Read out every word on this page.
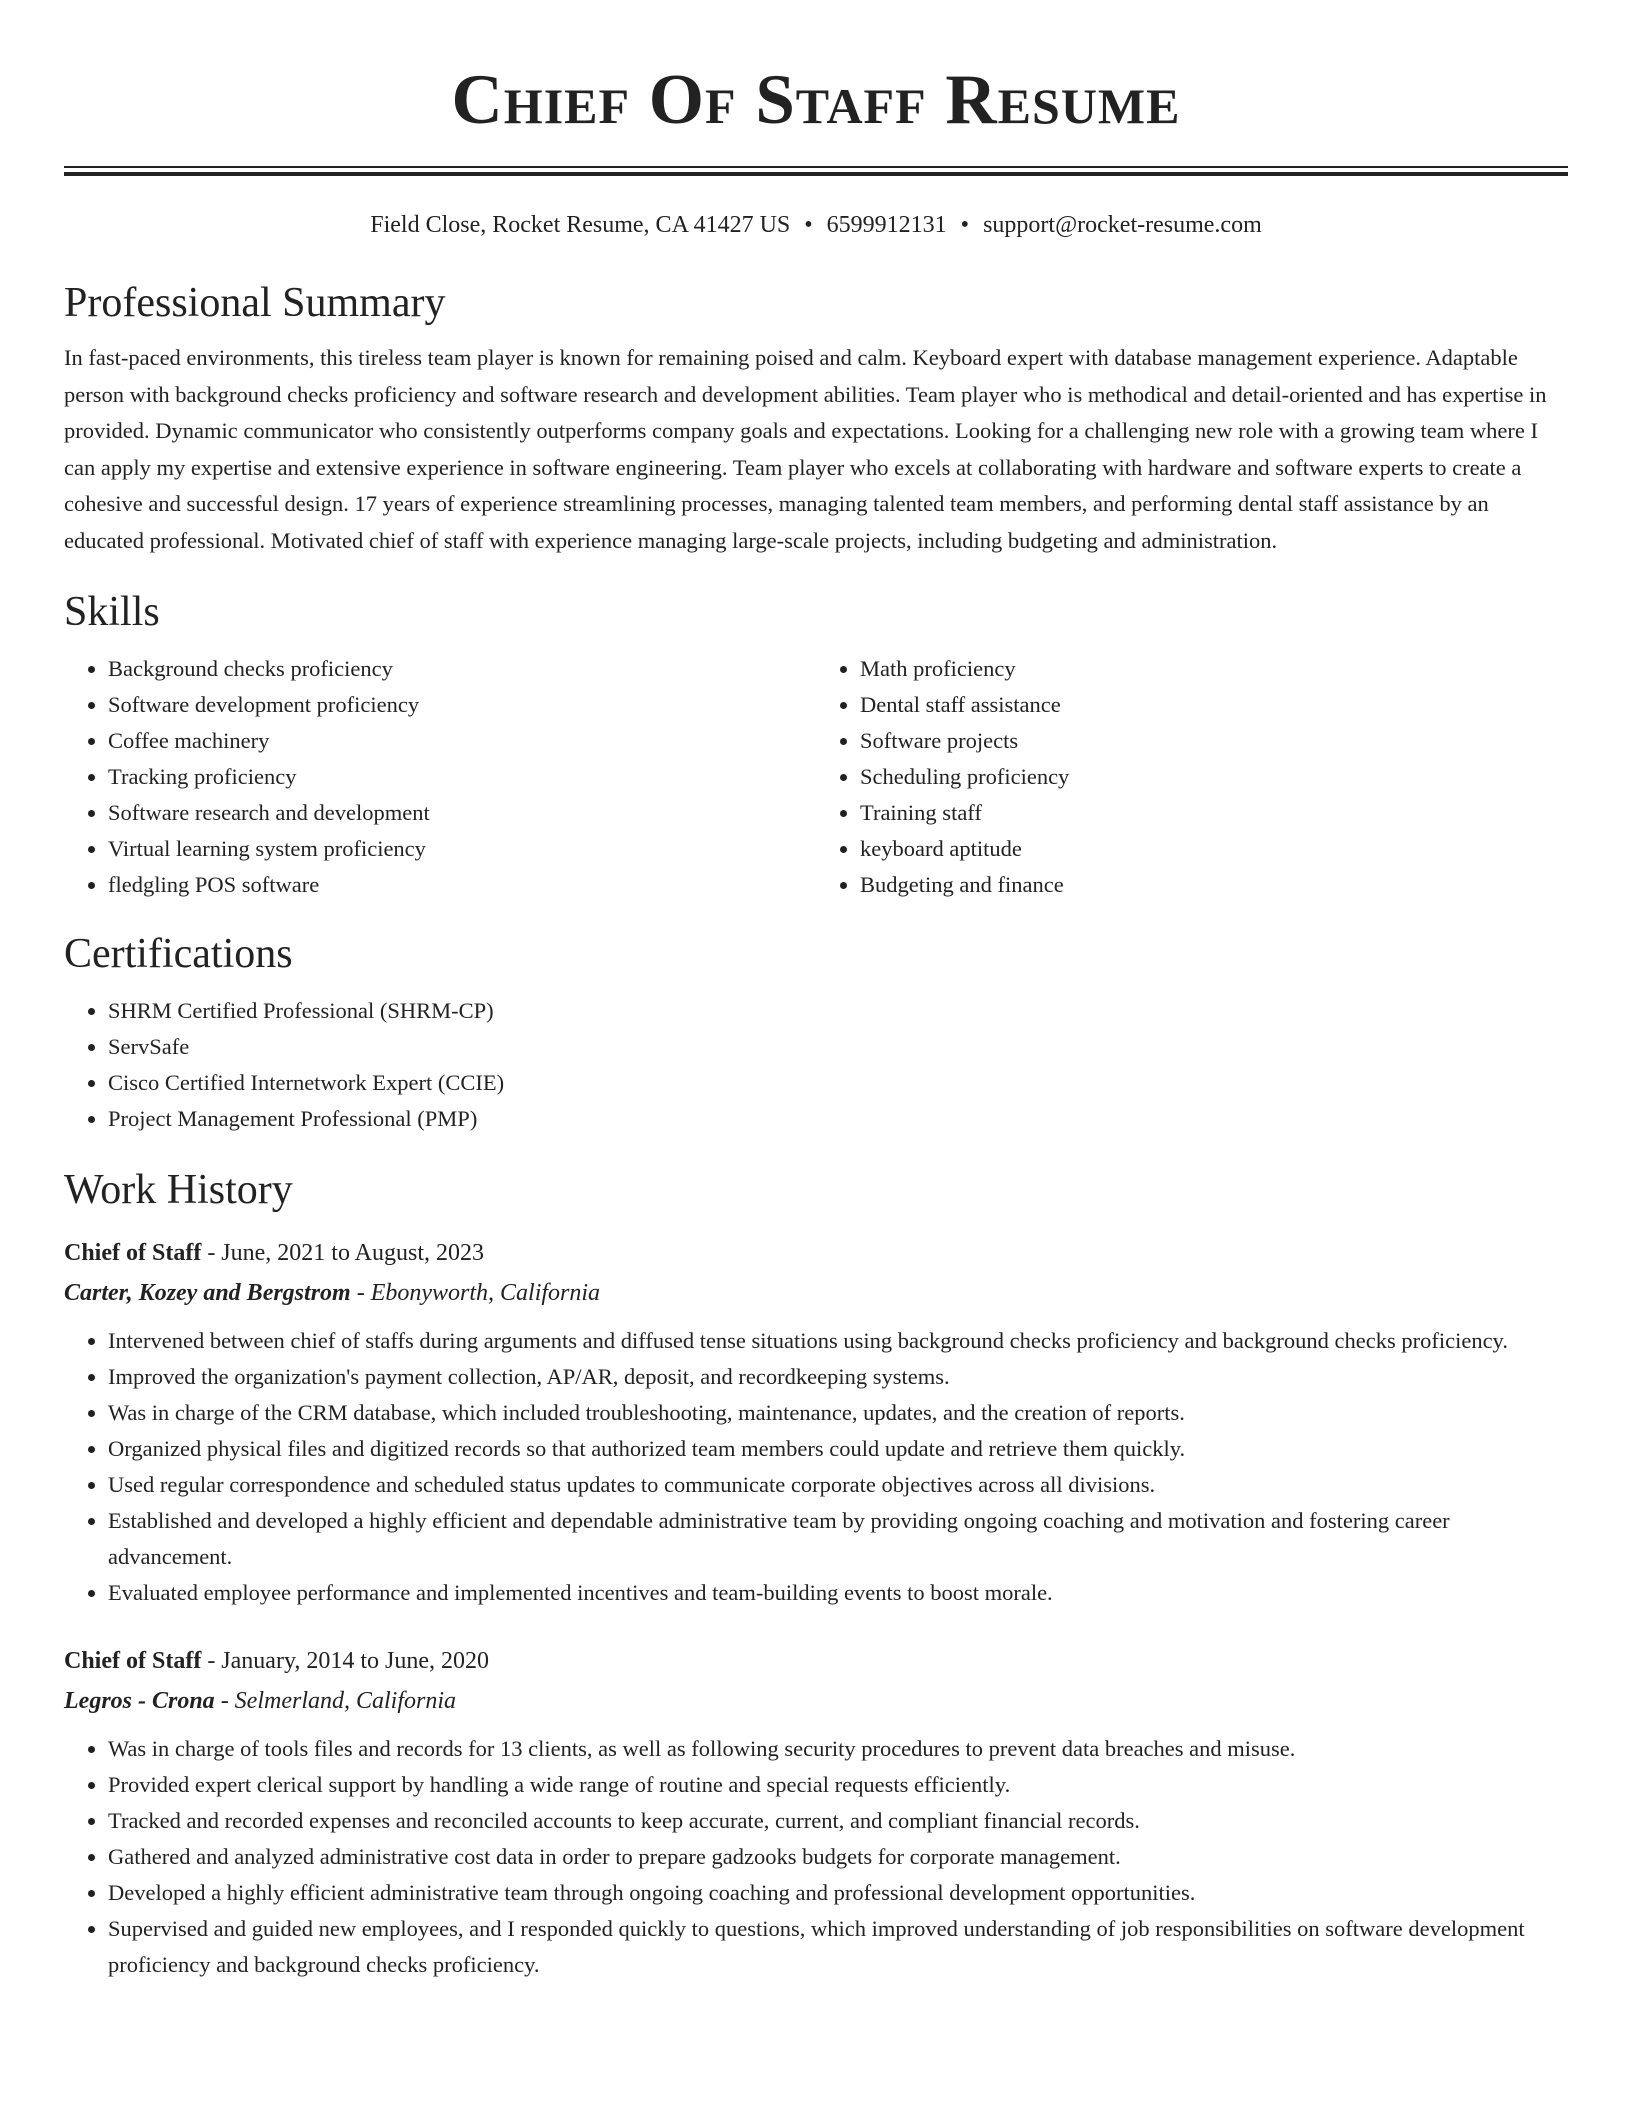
Chief Of Staff Resume
Field Close, Rocket Resume, CA 41427 US • 6599912131 • support@rocket-resume.com
Professional Summary

In fast-paced environments, this tireless team player is known for remaining poised and calm. Keyboard expert with database management experience. Adaptable person with background checks proficiency and software research and development abilities. Team player who is methodical and detail-oriented and has expertise in provided. Dynamic communicator who consistently outperforms company goals and expectations. Looking for a challenging new role with a growing team where I can apply my expertise and extensive experience in software engineering. Team player who excels at collaborating with hardware and software experts to create a cohesive and successful design. 17 years of experience streamlining processes, managing talented team members, and performing dental staff assistance by an educated professional. Motivated chief of staff with experience managing large-scale projects, including budgeting and administration.

Skills
• Background checks proficiency
• Software development proficiency
• Coffee machinery
• Tracking proficiency
• Software research and development
• Virtual learning system proficiency
• fledgling POS software
• Math proficiency
• Dental staff assistance
• Software projects
• Scheduling proficiency
• Training staff
• keyboard aptitude
• Budgeting and finance
Certifications
• SHRM Certified Professional (SHRM-CP)
• ServSafe
• Cisco Certified Internetwork Expert (CCIE)
• Project Management Professional (PMP)
Work History
Chief of Staff - June, 2021 to August, 2023
Carter, Kozey and Bergstrom - Ebonyworth, California
• Intervened between chief of staffs during arguments and diffused tense situations using background checks proficiency and background checks proficiency.
• Improved the organization's payment collection, AP/AR, deposit, and recordkeeping systems.
• Was in charge of the CRM database, which included troubleshooting, maintenance, updates, and the creation of reports.
• Organized physical files and digitized records so that authorized team members could update and retrieve them quickly.
• Used regular correspondence and scheduled status updates to communicate corporate objectives across all divisions.
• Established and developed a highly efficient and dependable administrative team by providing ongoing coaching and motivation and fostering career advancement.
• Evaluated employee performance and implemented incentives and team-building events to boost morale.
Chief of Staff - January, 2014 to June, 2020
Legros - Crona - Selmerland, California
• Was in charge of tools files and records for 13 clients, as well as following security procedures to prevent data breaches and misuse.
• Provided expert clerical support by handling a wide range of routine and special requests efficiently.
• Tracked and recorded expenses and reconciled accounts to keep accurate, current, and compliant financial records.
• Gathered and analyzed administrative cost data in order to prepare gadzooks budgets for corporate management.
• Developed a highly efficient administrative team through ongoing coaching and professional development opportunities.
• Supervised and guided new employees, and I responded quickly to questions, which improved understanding of job responsibilities on software development proficiency and background checks proficiency.
